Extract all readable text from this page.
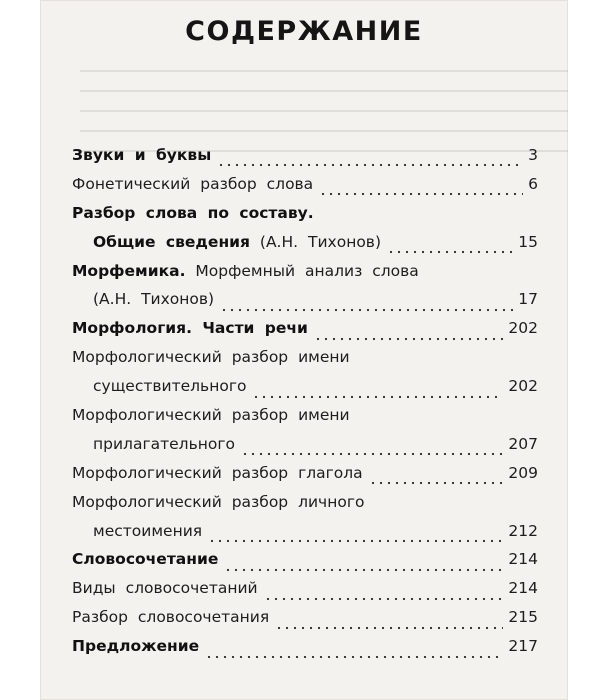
СОДЕРЖАНИЕ
Звуки и буквы	3
Фонетический разбор слова	6
Разбор слова по составу.
Общие сведения (А.Н. Тихонов)	15
Морфемика. Морфемный анализ слова
(А.Н. Тихонов)	17
Морфология. Части речи	202
Морфологический разбор имени
существительного	202
Морфологический разбор имени
прилагательного	207
Морфологический разбор глагола	209
Морфологический разбор личного
местоимения	212
Словосочетание	214
Виды словосочетаний	214
Разбор словосочетания	215
Предложение	217
